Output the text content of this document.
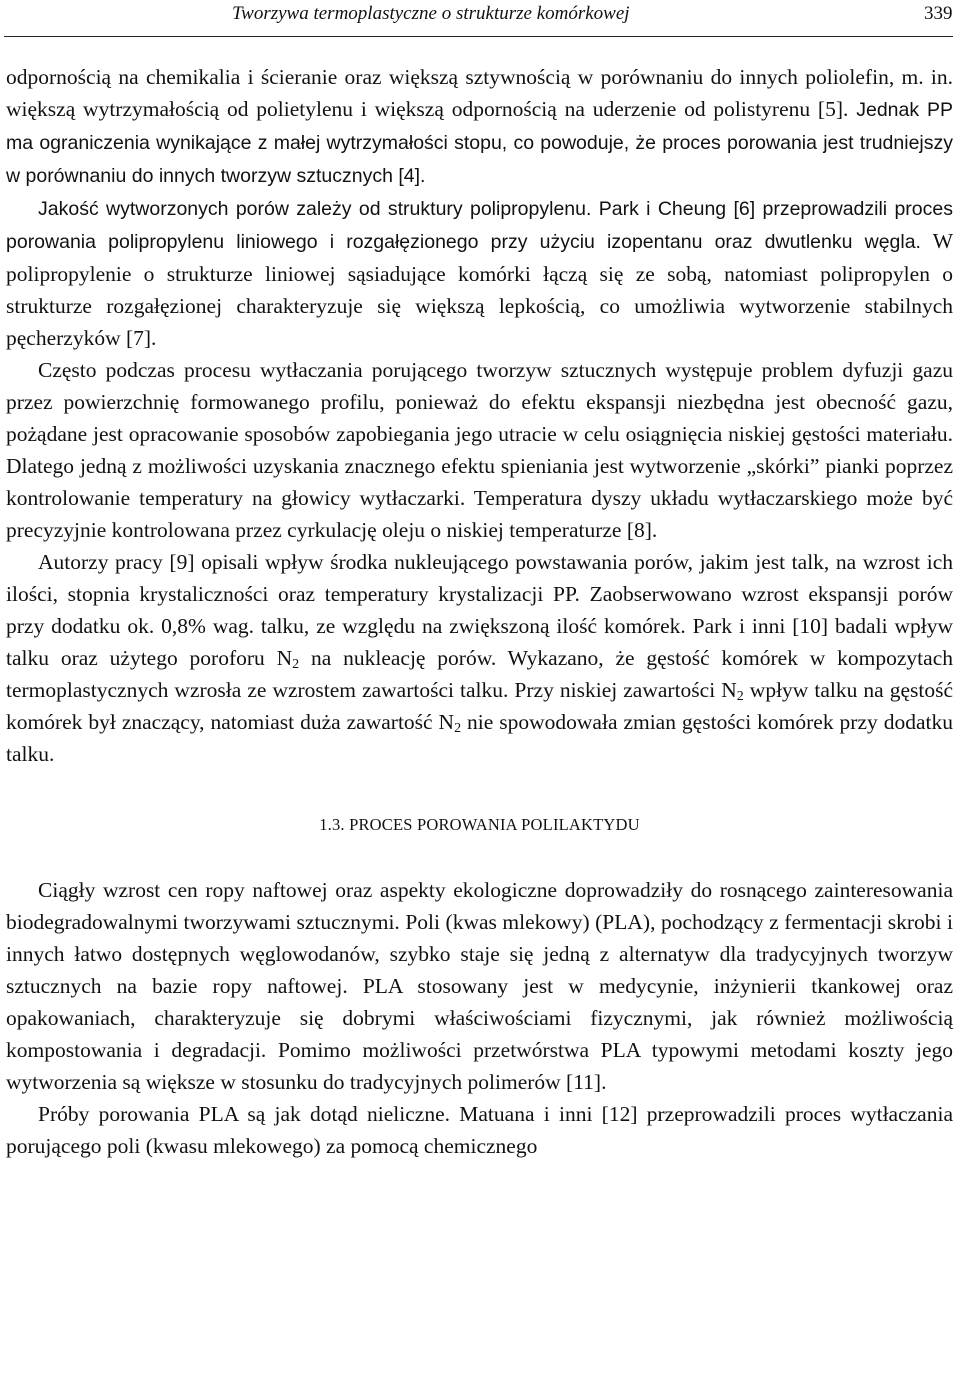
Tworzywa termoplastyczne o strukturze komórkowej	339

odpornością na chemikalia i ścieranie oraz większą sztywnością w porównaniu do innych poliolefin, m. in. większą wytrzymałością od polietylenu i większą odpornością na uderzenie od polistyrenu [5]. Jednak PP ma ograniczenia wynikające z małej wytrzymałości stopu, co powoduje, że proces porowania jest trudniejszy w porównaniu do innych tworzyw sztucznych [4].

Jakość wytworzonych porów zależy od struktury polipropylenu. Park i Cheung [6] przeprowadzili proces porowania polipropylenu liniowego i rozgałęzionego przy użyciu izopentanu oraz dwutlenku węgla. W polipropylenie o strukturze liniowej sąsiadujące komórki łączą się ze sobą, natomiast polipropylen o strukturze rozgałęzionej charakteryzuje się większą lepkością, co umożliwia wytworzenie stabilnych pęcherzyków [7].

Często podczas procesu wytłaczania porującego tworzyw sztucznych występuje problem dyfuzji gazu przez powierzchnię formowanego profilu, ponieważ do efektu ekspansji niezbędna jest obecność gazu, pożądane jest opracowanie sposobów zapobiegania jego utracie w celu osiągnięcia niskiej gęstości materiału. Dlatego jedną z możliwości uzyskania znacznego efektu spieniania jest wytworzenie „skórki” pianki poprzez kontrolowanie temperatury na głowicy wytłaczarki. Temperatura dyszy układu wytłaczarskiego może być precyzyjnie kontrolowana przez cyrkulację oleju o niskiej temperaturze [8].

Autorzy pracy [9] opisali wpływ środka nukleującego powstawania porów, jakim jest talk, na wzrost ich ilości, stopnia krystaliczności oraz temperatury krystalizacji PP. Zaobserwowano wzrost ekspansji porów przy dodatku ok. 0,8% wag. talku, ze względu na zwiększoną ilość komórek. Park i inni [10] badali wpływ talku oraz użytego poroforu $N_2$ na nukleację porów. Wykazano, że gęstość komórek w kompozytach termoplastycznych wzrosła ze wzrostem zawartości talku. Przy niskiej zawartości $N_2$ wpływ talku na gęstość komórek był znaczący, natomiast duża zawartość $N_2$ nie spowodowała zmian gęstości komórek przy dodatku talku.

1.3. PROCES POROWANIA POLILAKTYDU

Ciągły wzrost cen ropy naftowej oraz aspekty ekologiczne doprowadziły do rosnącego zainteresowania biodegradowalnymi tworzywami sztucznymi. Poli (kwas mlekowy) (PLA), pochodzący z fermentacji skrobi i innych łatwo dostępnych węglowodanów, szybko staje się jedną z alternatyw dla tradycyjnych tworzyw sztucznych na bazie ropy naftowej. PLA stosowany jest w medycynie, inżynierii tkankowej oraz opakowaniach, charakteryzuje się dobrymi właściwościami fizycznymi, jak również możliwością kompostowania i degradacji. Pomimo możliwości przetwórstwa PLA typowymi metodami koszty jego wytworzenia są większe w stosunku do tradycyjnych polimerów [11].

Próby porowania PLA są jak dotąd nieliczne. Matuana i inni [12] przeprowadzili proces wytłaczania porującego poli (kwasu mlekowego) za pomocą chemicznego
